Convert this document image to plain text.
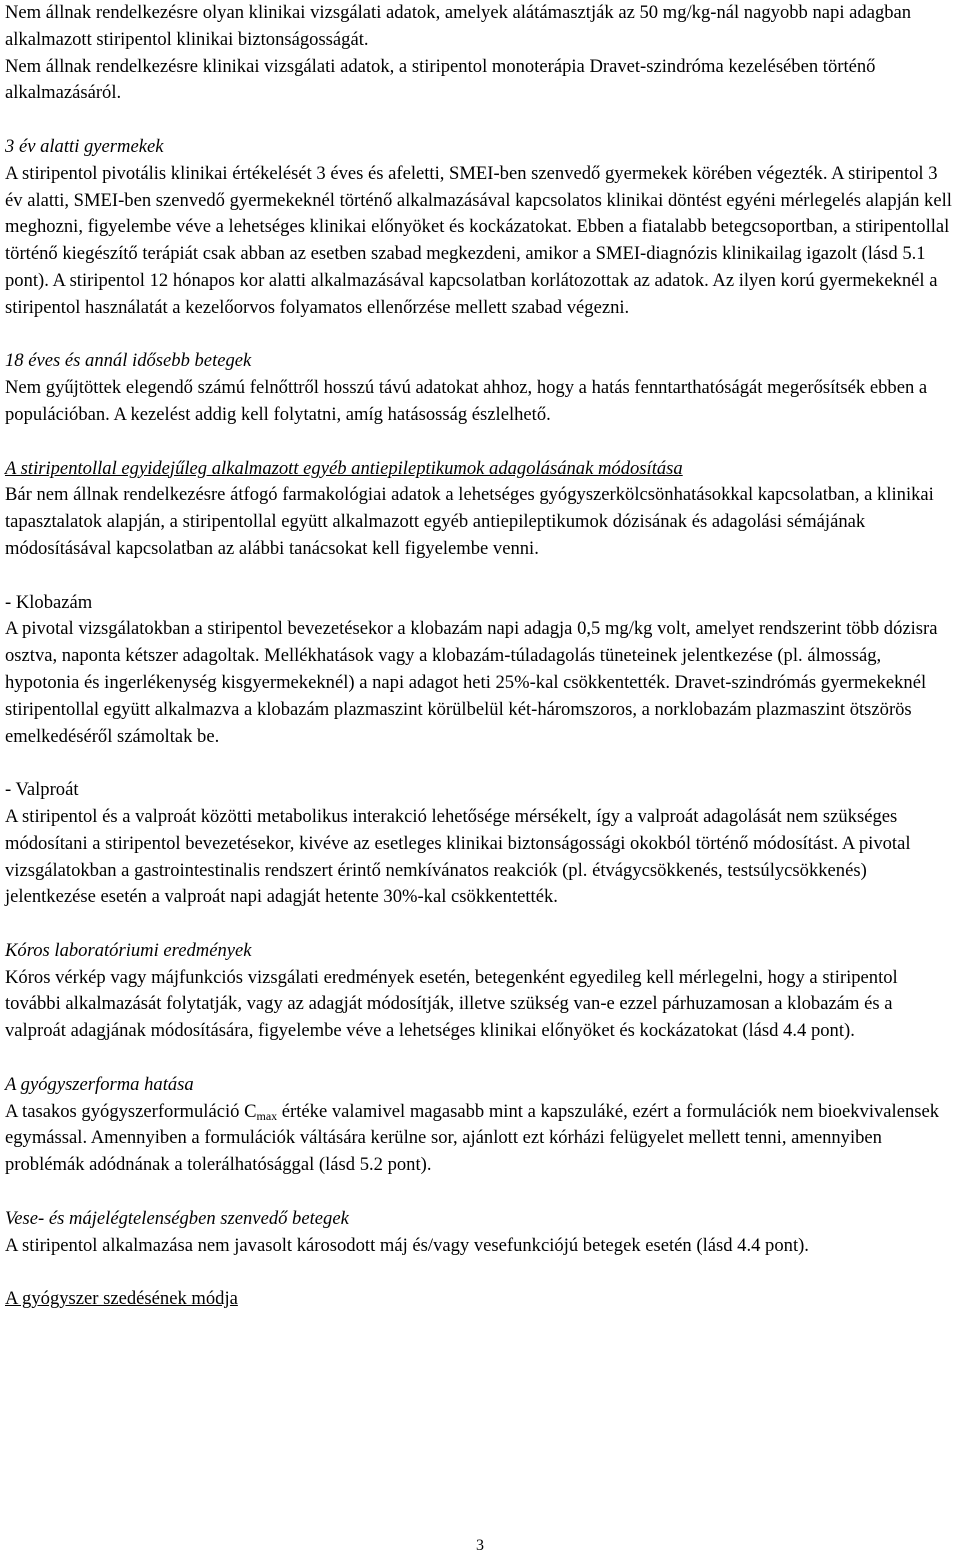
Nem állnak rendelkezésre olyan klinikai vizsgálati adatok, amelyek alátámasztják az 50 mg/kg-nál nagyobb napi adagban alkalmazott stiripentol klinikai biztonságosságát.

Nem állnak rendelkezésre klinikai vizsgálati adatok, a stiripentol monoterápia Dravet-szindróma kezelésében történő alkalmazásáról.

3 év alatti gyermekek

A stiripentol pivotális klinikai értékelését 3 éves és afeletti, SMEI-ben szenvedő gyermekek körében végezték. A stiripentol 3 év alatti, SMEI-ben szenvedő gyermekeknél történő alkalmazásával kapcsolatos klinikai döntést egyéni mérlegelés alapján kell meghozni, figyelembe véve a lehetséges klinikai előnyöket és kockázatokat. Ebben a fiatalabb betegcsoportban, a stiripentollal történő kiegészítő terápiát csak abban az esetben szabad megkezdeni, amikor a SMEI-diagnózis klinikailag igazolt (lásd 5.1 pont). A stiripentol 12 hónapos kor alatti alkalmazásával kapcsolatban korlátozottak az adatok. Az ilyen korú gyermekeknél a stiripentol használatát a kezelőorvos folyamatos ellenőrzése mellett szabad végezni.

18 éves és annál idősebb betegek

Nem gyűjtöttek elegendő számú felnőttről hosszú távú adatokat ahhoz, hogy a hatás fenntarthatóságát megerősítsék ebben a populációban. A kezelést addig kell folytatni, amíg hatásosság észlelhető.

A stiripentollal egyidejűleg alkalmazott egyéb antiepileptikumok adagolásának módosítása

Bár nem állnak rendelkezésre átfogó farmakológiai adatok a lehetséges gyógyszerkölcsönhatásokkal kapcsolatban, a klinikai tapasztalatok alapján, a stiripentollal együtt alkalmazott egyéb antiepileptikumok dózisának és adagolási sémájának módosításával kapcsolatban az alábbi tanácsokat kell figyelembe venni.

- Klobazám

A pivotal vizsgálatokban a stiripentol bevezetésekor a klobazám napi adagja 0,5 mg/kg volt, amelyet rendszerint több dózisra osztva, naponta kétszer adagoltak. Mellékhatások vagy a klobazám-túladagolás tüneteinek jelentkezése (pl. álmosság, hypotonia és ingerlékenység kisgyermekeknél) a napi adagot heti 25%-kal csökkentették. Dravet-szindrómás gyermekeknél stiripentollal együtt alkalmazva a klobazám plazmaszint körülbelül két-háromszoros, a norklobazám plazmaszint ötszörös emelkedéséről számoltak be.

- Valproát

A stiripentol és a valproát közötti metabolikus interakció lehetősége mérsékelt, így a valproát adagolását nem szükséges módosítani a stiripentol bevezetésekor, kivéve az esetleges klinikai biztonságossági okokból történő módosítást. A pivotal vizsgálatokban a gastrointestinalis rendszert érintő nemkívánatos reakciók (pl. étvágycsökkenés, testsúlycsökkenés) jelentkezése esetén a valproát napi adagját hetente 30%-kal csökkentették.

Kóros laboratóriumi eredmények

Kóros vérkép vagy májfunkciós vizsgálati eredmények esetén, betegenként egyedileg kell mérlegelni, hogy a stiripentol további alkalmazását folytatják, vagy az adagját módosítják, illetve szükség van-e ezzel párhuzamosan a klobazám és a valproát adagjának módosítására, figyelembe véve a lehetséges klinikai előnyöket és kockázatokat (lásd 4.4 pont).

A gyógyszerforma hatása

A tasakos gyógyszerformuláció $C_{max}$ értéke valamivel magasabb mint a kapszuláké, ezért a formulációk nem bioekvivalensek egymással. Amennyiben a formulációk váltására kerülne sor, ajánlott ezt kórházi felügyelet mellett tenni, amennyiben problémák adódnának a tolerálhatósággal (lásd 5.2 pont).

Vese- és májelégtelenségben szenvedő betegek

A stiripentol alkalmazása nem javasolt károsodott máj és/vagy vesefunkciójú betegek esetén (lásd 4.4 pont).

A gyógyszer szedésének módja

3
